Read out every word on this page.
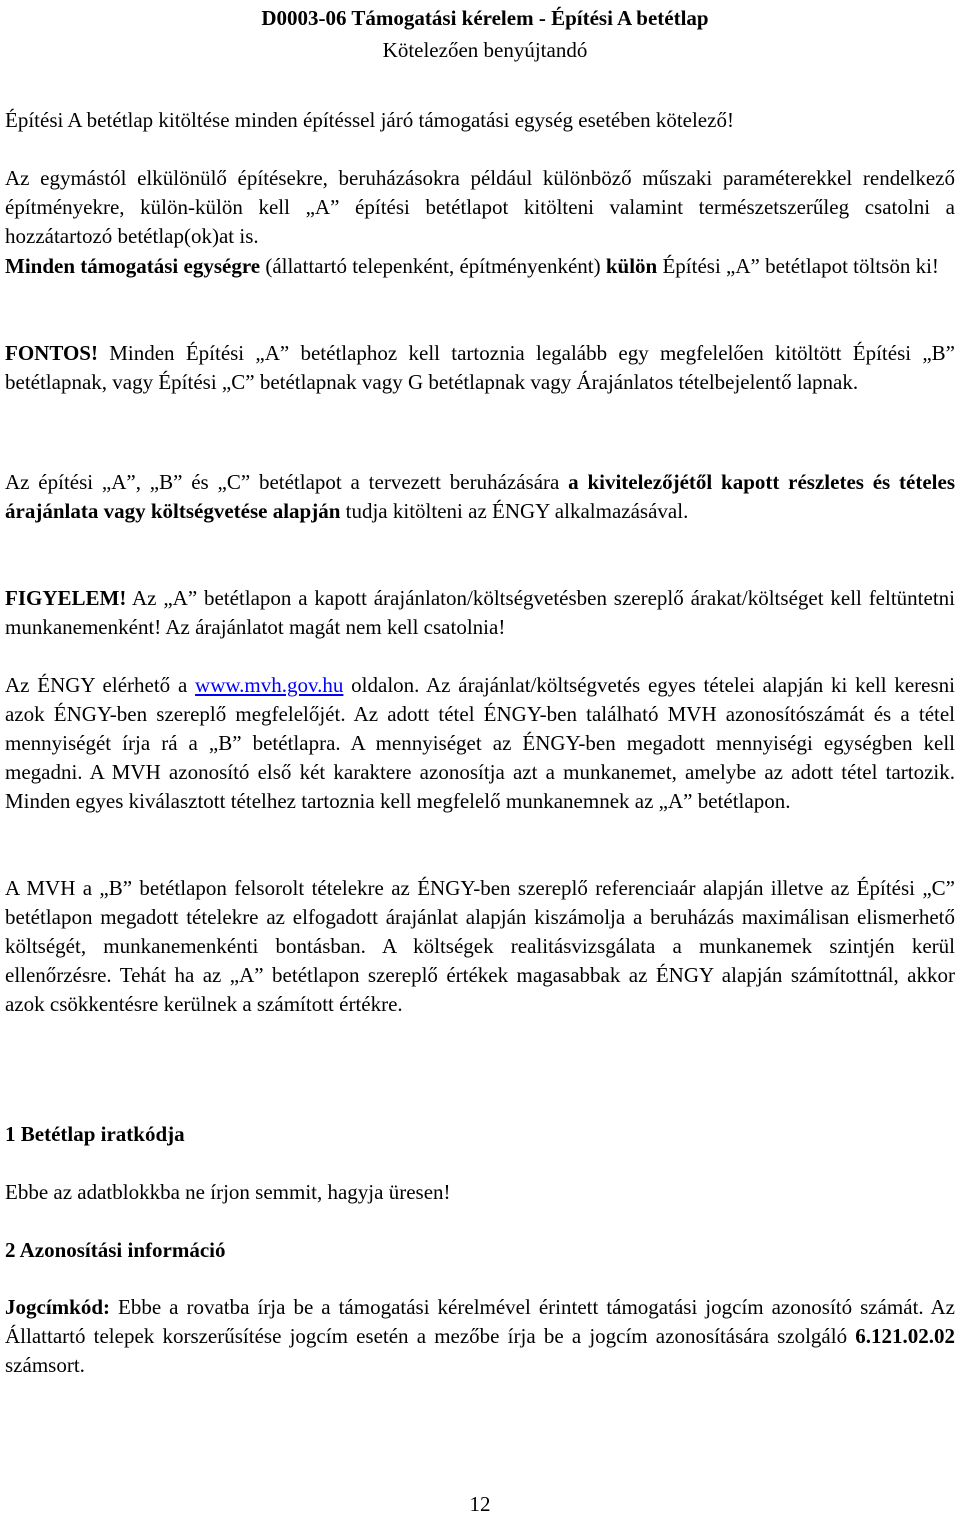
D0003-06 Támogatási kérelem - Építési A betétlap
Kötelezően benyújtandó

Építési A betétlap kitöltése minden építéssel járó támogatási egység esetében kötelező!

Az egymástól elkülönülő építésekre, beruházásokra például különböző műszaki paraméterekkel rendelkező építményekre, külön-külön kell „A” építési betétlapot kitölteni valamint természetszerűleg csatolni a hozzátartozó betétlap(ok)at is.

Minden támogatási egységre (állattartó telepenként, építményenként) külön Építési „A” betétlapot töltsön ki!

FONTOS! Minden Építési „A” betétlaphoz kell tartoznia legalább egy megfelelően kitöltött Építési „B” betétlapnak, vagy Építési „C” betétlapnak vagy G betétlapnak vagy Árajánlatos tételbejelentő lapnak.

Az építési „A”, „B” és „C” betétlapot a tervezett beruházására a kivitelezőjétől kapott részletes és tételes árajánlata vagy költségvetése alapján tudja kitölteni az ÉNGY alkalmazásával.

FIGYELEM! Az „A” betétlapon a kapott árajánlaton/költségvetésben szereplő árakat/költséget kell feltüntetni munkanemenként! Az árajánlatot magát nem kell csatolnia!

Az ÉNGY elérhető a www.mvh.gov.hu oldalon. Az árajánlat/költségvetés egyes tételei alapján ki kell keresni azok ÉNGY-ben szereplő megfelelőjét. Az adott tétel ÉNGY-ben található MVH azonosítószámát és a tétel mennyiségét írja rá a „B” betétlapra. A mennyiséget az ÉNGY-ben megadott mennyiségi egységben kell megadni. A MVH azonosító első két karaktere azonosítja azt a munkanemet, amelybe az adott tétel tartozik. Minden egyes kiválasztott tételhez tartoznia kell megfelelő munkanemnek az „A” betétlapon.

A MVH a „B” betétlapon felsorolt tételekre az ÉNGY-ben szereplő referenciaár alapján illetve az Építési „C” betétlapon megadott tételekre az elfogadott árajánlat alapján kiszámolja a beruházás maximálisan elismerhető költségét, munkanemenkénti bontásban. A költségek realitásvizsgálata a munkanemek szintjén kerül ellenőrzésre. Tehát ha az „A” betétlapon szereplő értékek magasabbak az ÉNGY alapján számítottnál, akkor azok csökkentésre kerülnek a számított értékre.

1 Betétlap iratkódja

Ebbe az adatblokkba ne írjon semmit, hagyja üresen!

2 Azonosítási információ

Jogcímkód: Ebbe a rovatba írja be a támogatási kérelmével érintett támogatási jogcím azonosító számát. Az Állattartó telepek korszerűsítése jogcím esetén a mezőbe írja be a jogcím azonosítására szolgáló 6.121.02.02 számsort.

12
